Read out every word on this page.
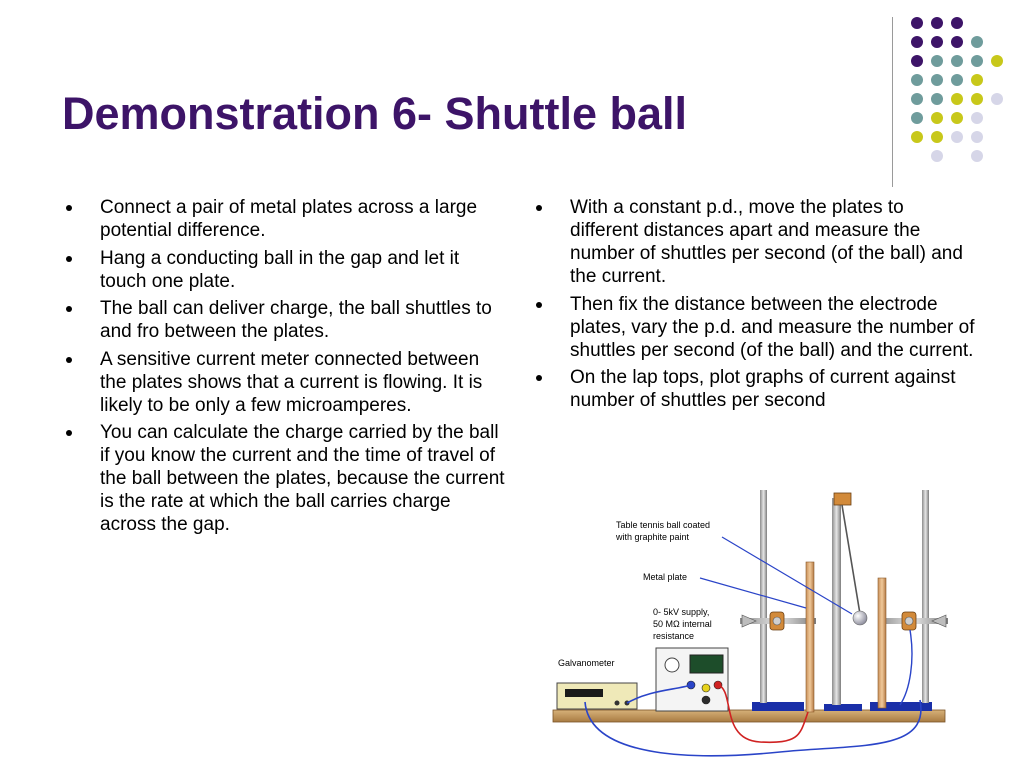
Demonstration 6- Shuttle ball
Connect a pair of metal plates across a large potential difference.
Hang a conducting ball in the gap and let it touch one plate.
The ball can deliver charge, the ball shuttles to and fro between the plates.
A sensitive current meter connected between the plates shows that a current is flowing. It is likely to be only a few microamperes.
You can calculate the charge carried by the ball if you know the current and the time of travel of the ball between the plates, because the current is the rate at which the ball carries charge across the gap.
With a constant p.d., move the plates to different distances apart and measure the number of shuttles per second (of the ball) and the current.
Then fix the distance between the electrode plates, vary the p.d. and measure the number of shuttles per second (of the ball) and the current.
On the lap tops, plot graphs of current against number of shuttles per second
Table tennis ball coated
with graphite paint
Metal plate
0- 5kV supply,
50 MΩ internal
resistance
Galvanometer
